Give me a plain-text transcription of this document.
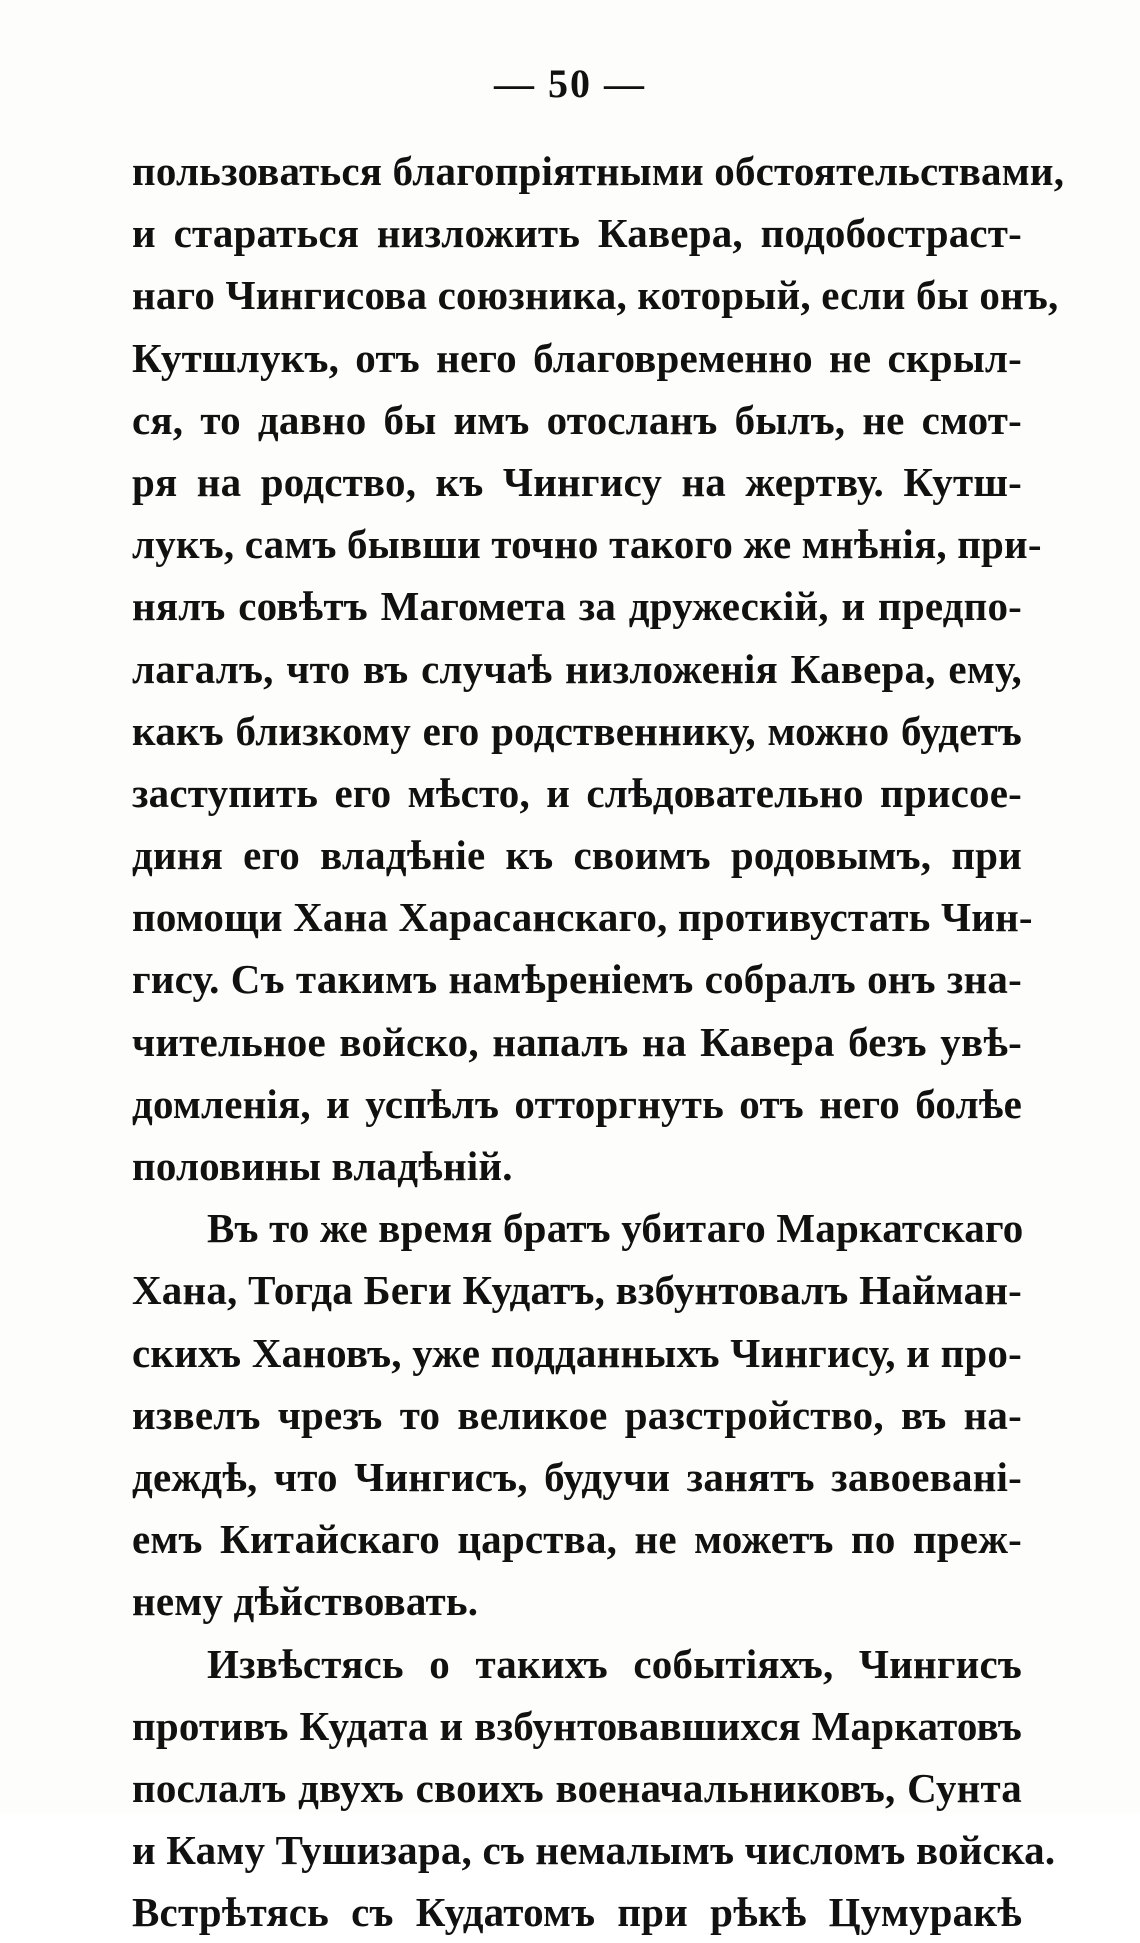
— 50 —
пользоваться благопріятными обстоятельствами,
и стараться низложить Кавера, подобостраст-
наго Чингисова союзника, который, если бы онъ,
Кутшлукъ, отъ него благовременно не скрыл-
ся, то давно бы имъ отосланъ былъ, не смот-
ря на родство, къ Чингису на жертву. Кутш-
лукъ, самъ бывши точно такого же мнѣнія, при-
нялъ совѣтъ Магомета за дружескій, и предпо-
лагалъ, что въ случаѣ низложенія Кавера, ему,
какъ близкому его родственнику, можно будетъ
заступить его мѣсто, и слѣдовательно присое-
диня его владѣніе къ своимъ родовымъ, при
помощи Хана Харасанскаго, противустать Чин-
гису. Съ такимъ намѣреніемъ собралъ онъ зна-
чительное войско, напалъ на Кавера безъ увѣ-
домленія, и успѣлъ отторгнуть отъ него болѣе
половины владѣній.
Въ то же время братъ убитаго Маркатскаго
Хана, Тогда Беги Кудатъ, взбунтовалъ Найман-
скихъ Хановъ, уже подданныхъ Чингису, и про-
извелъ чрезъ то великое разстройство, въ на-
деждѣ, что Чингисъ, будучи занятъ завоевані-
емъ Китайскаго царства, не можетъ по преж-
нему дѣйствовать.
Извѣстясь о такихъ событіяхъ, Чингисъ
противъ Кудата и взбунтовавшихся Маркатовъ
послалъ двухъ своихъ военачальниковъ, Сунта
и Каму Тушизара, съ немалымъ числомъ войска.
Встрѣтясь съ Кудатомъ при рѣкѣ Цумуракѣ
